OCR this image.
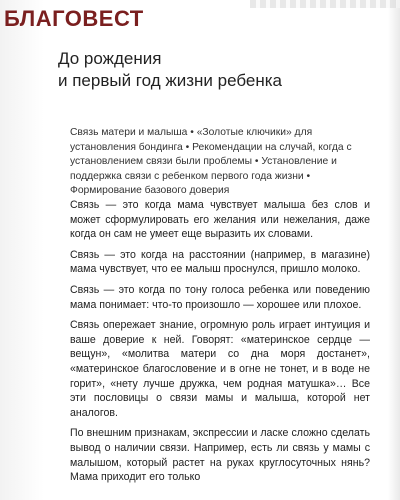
БЛАГОВЕСТ
До рождения
и первый год жизни ребенка
Связь матери и малыша • «Золотые ключики» для установления бондинга • Рекомендации на случай, когда с установлением связи были проблемы • Установление и поддержка связи с ребенком первого года жизни • Формирование базового доверия

Связь — это когда мама чувствует малыша без слов и может сформулировать его желания или нежелания, даже когда он сам не умеет еще выразить их словами.

Связь — это когда на расстоянии (например, в магазине) мама чувствует, что ее малыш проснулся, пришло молоко.

Связь — это когда по тону голоса ребенка или поведению мама понимает: что-то произошло — хорошее или плохое.

Связь опережает знание, огромную роль играет интуиция и ваше доверие к ней. Говорят: «материнское сердце — вещун», «молитва матери со дна моря достанет», «материнское благословение и в огне не тонет, и в воде не горит», «нету лучше дружка, чем родная матушка»… Все эти пословицы о связи мамы и малыша, которой нет аналогов.

По внешним признакам, экспрессии и ласке сложно сделать вывод о наличии связи. Например, есть ли связь у мамы с малышом, который растет на руках круглосуточных нянь? Мама приходит его только
